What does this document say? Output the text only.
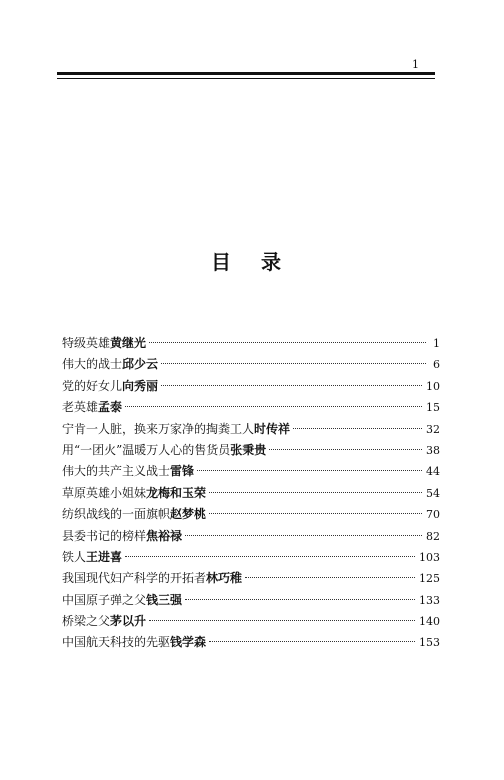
1
目录
特级英雄黄继光	1
伟大的战士邱少云	6
党的好女儿向秀丽	10
老英雄孟泰	15
宁肯一人脏，换来万家净的掏粪工人时传祥	32
用“一团火”温暖万人心的售货员张秉贵	38
伟大的共产主义战士雷锋	44
草原英雄小姐妹龙梅和玉荣	54
纺织战线的一面旗帜赵梦桃	70
县委书记的榜样焦裕禄	82
铁人王进喜	103
我国现代妇产科学的开拓者林巧稚	125
中国原子弹之父钱三强	133
桥梁之父茅以升	140
中国航天科技的先驱钱学森	153
